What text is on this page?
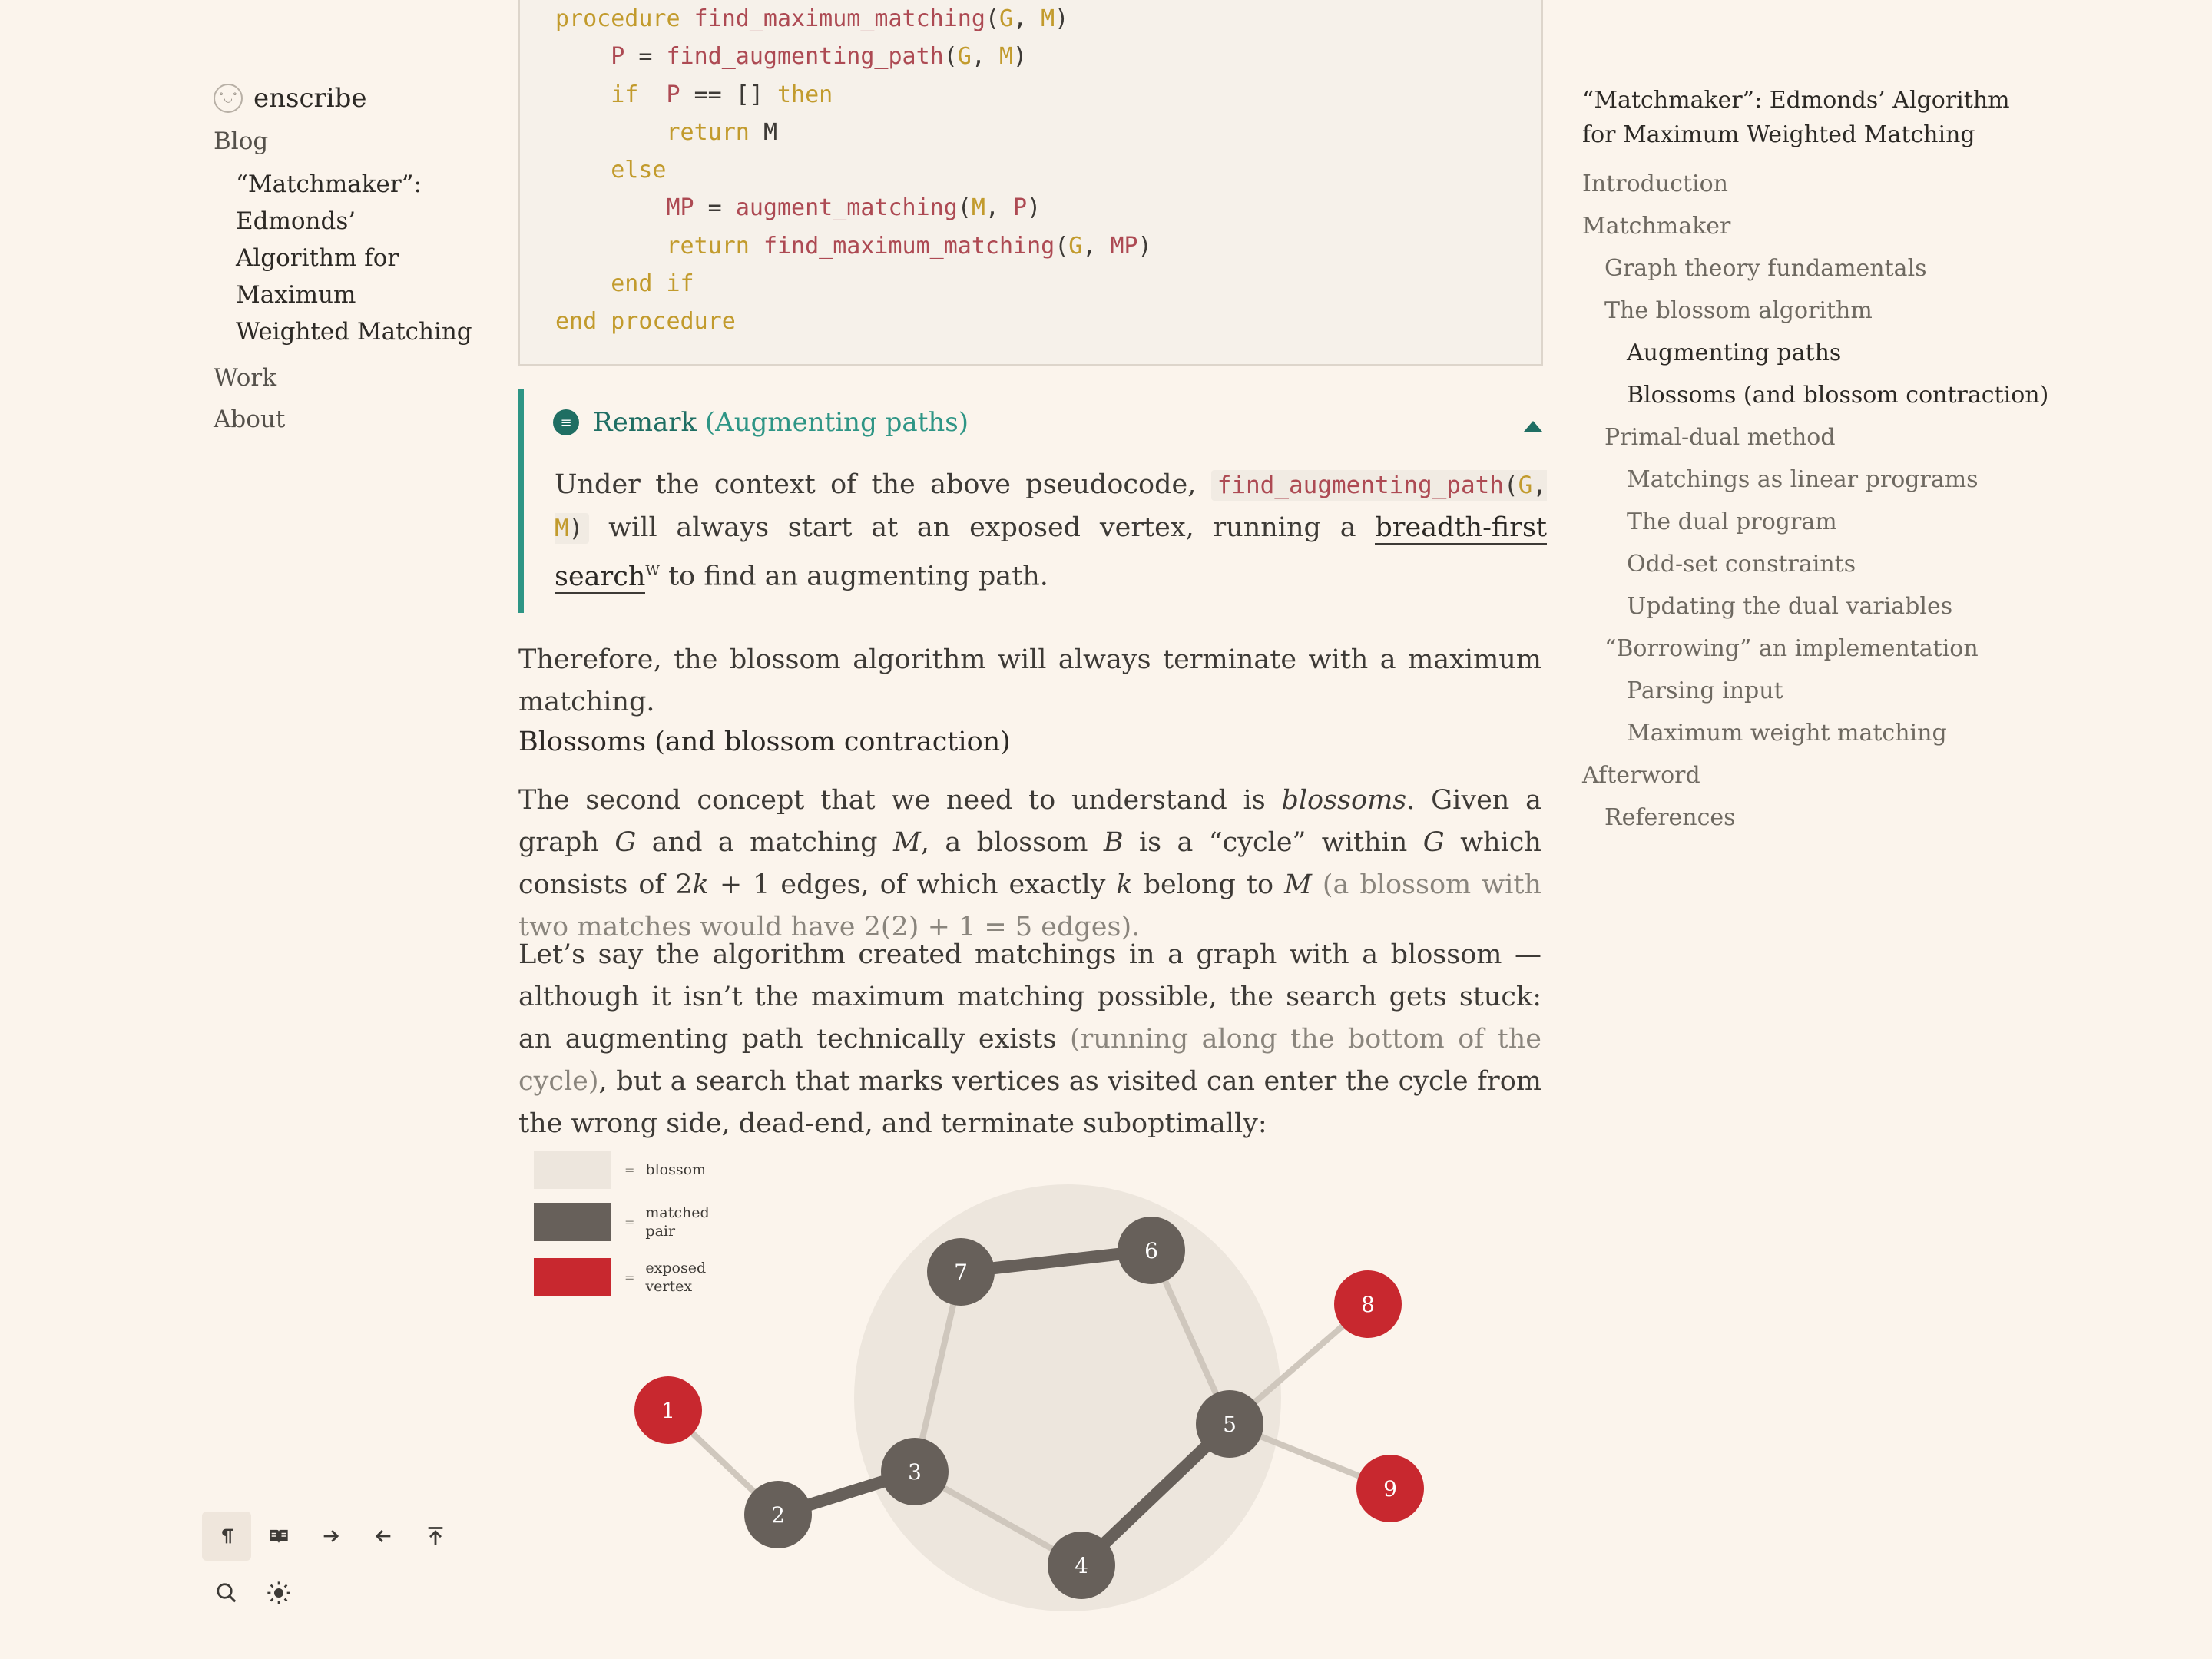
˚◡˚ enscribe
Blog
“Matchmaker”: Edmonds’ Algorithm for Maximum Weighted Matching
Work
About
procedure find_maximum_matching(G, M)
P = find_augmenting_path(G, M)
if P == [] then
return M
else
MP = augment_matching(M, P)
return find_maximum_matching(G, MP)
end if
end procedure
≡ Remark (Augmenting paths)
Under the context of the above pseudocode, find_augmenting_path(G, M) will always start at an exposed vertex, running a breadth-first search$^W$ to find an augmenting path.

Therefore, the blossom algorithm will always terminate with a maximum matching.

Blossoms (and blossom contraction)

The second concept that we need to understand is blossoms. Given a graph G and a matching M, a blossom B is a “cycle” within G which consists of 2k + 1 edges, of which exactly k belong to M (a blossom with two matches would have 2(2) + 1 = 5 edges).

Let’s say the algorithm created matchings in a graph with a blossom — although it isn’t the maximum matching possible, the search gets stuck: an augmenting path technically exists (running along the bottom of the cycle), but a search that marks vertices as visited can enter the cycle from the wrong side, dead-end, and terminate suboptimally:

= blossom
=
matched pair
=
exposed vertex
1
2
3
4
5
6
7
8
9
“Matchmaker”: Edmonds’ Algorithm for Maximum Weighted Matching
Introduction
Matchmaker
Graph theory fundamentals
The blossom algorithm
Augmenting paths
Blossoms (and blossom contraction)
Primal-dual method
Matchings as linear programs
The dual program
Odd-set constraints
Updating the dual variables
“Borrowing” an implementation
Parsing input
Maximum weight matching
Afterword
References
